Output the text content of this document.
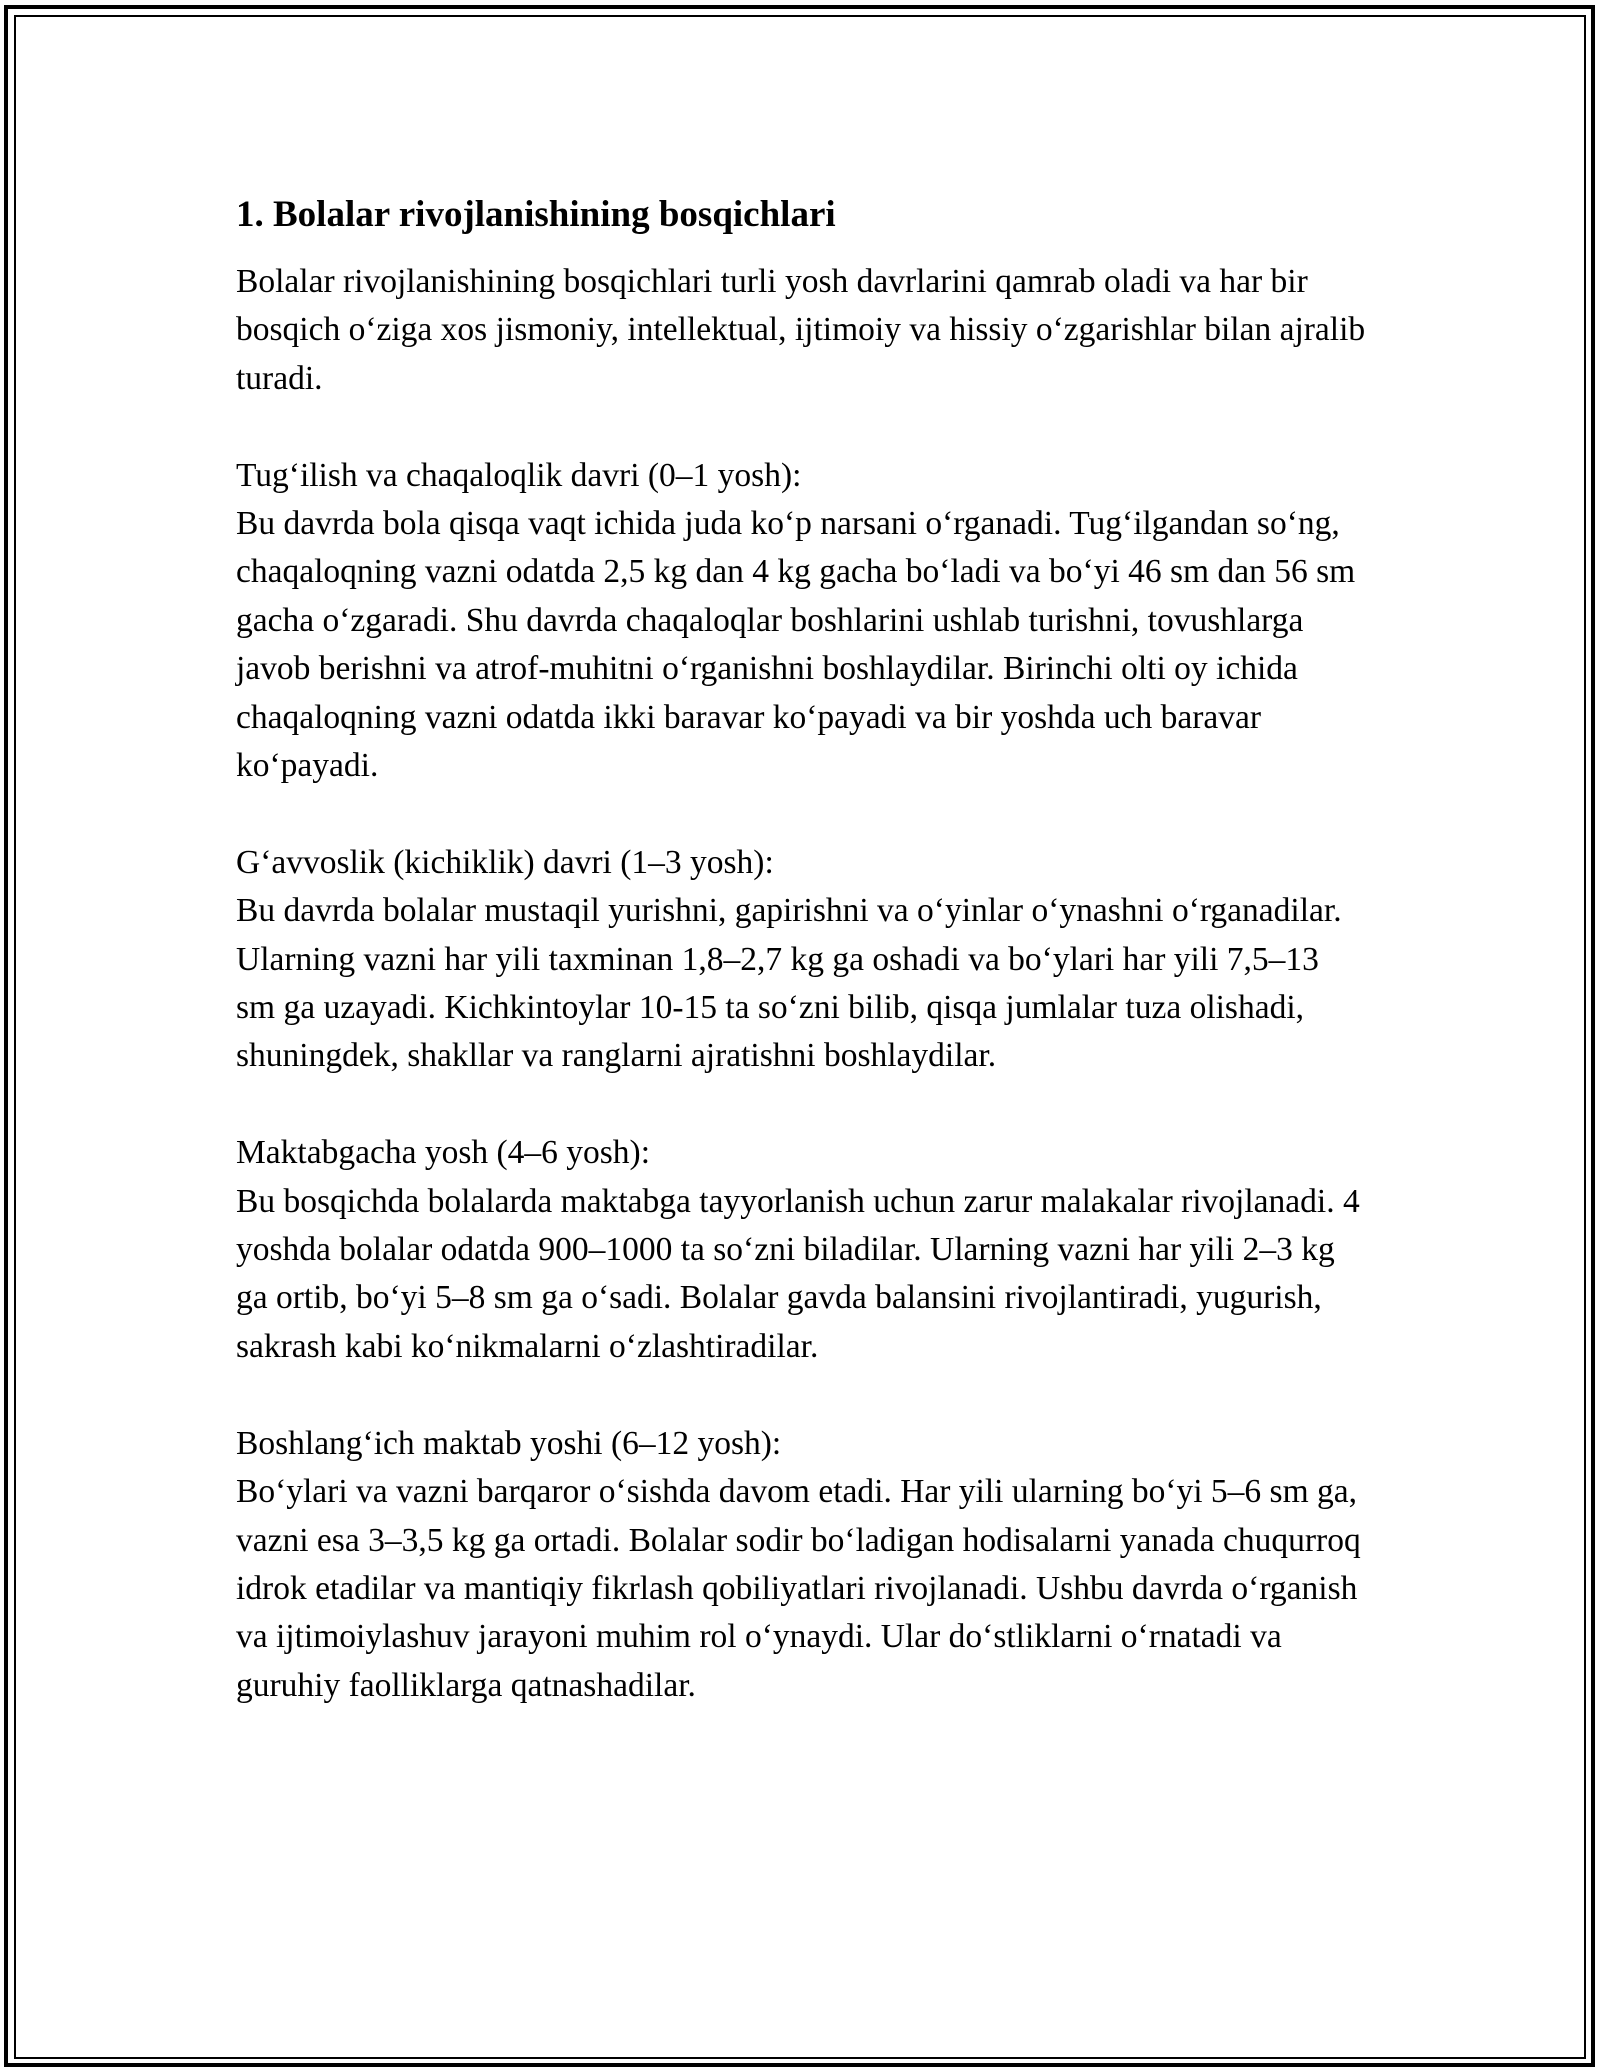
1. Bolalar rivojlanishining bosqichlari

Bolalar rivojlanishining bosqichlari turli yosh davrlarini qamrab oladi va har bir bosqich o‘ziga xos jismoniy, intellektual, ijtimoiy va hissiy o‘zgarishlar bilan ajralib turadi.

Tug‘ilish va chaqaloqlik davri (0–1 yosh):
Bu davrda bola qisqa vaqt ichida juda ko‘p narsani o‘rganadi. Tug‘ilgandan so‘ng, chaqaloqning vazni odatda 2,5 kg dan 4 kg gacha bo‘ladi va bo‘yi 46 sm dan 56 sm gacha o‘zgaradi. Shu davrda chaqaloqlar boshlarini ushlab turishni, tovushlarga javob berishni va atrof-muhitni o‘rganishni boshlaydilar. Birinchi olti oy ichida chaqaloqning vazni odatda ikki baravar ko‘payadi va bir yoshda uch baravar ko‘payadi.

G‘avvoslik (kichiklik) davri (1–3 yosh):
Bu davrda bolalar mustaqil yurishni, gapirishni va o‘yinlar o‘ynashni o‘rganadilar. Ularning vazni har yili taxminan 1,8–2,7 kg ga oshadi va bo‘ylari har yili 7,5–13 sm ga uzayadi. Kichkintoylar 10-15 ta so‘zni bilib, qisqa jumlalar tuza olishadi, shuningdek, shakllar va ranglarni ajratishni boshlaydilar.

Maktabgacha yosh (4–6 yosh):
Bu bosqichda bolalarda maktabga tayyorlanish uchun zarur malakalar rivojlanadi. 4 yoshda bolalar odatda 900–1000 ta so‘zni biladilar. Ularning vazni har yili 2–3 kg ga ortib, bo‘yi 5–8 sm ga o‘sadi. Bolalar gavda balansini rivojlantiradi, yugurish, sakrash kabi ko‘nikmalarni o‘zlashtiradilar.

Boshlang‘ich maktab yoshi (6–12 yosh):
Bo‘ylari va vazni barqaror o‘sishda davom etadi. Har yili ularning bo‘yi 5–6 sm ga, vazni esa 3–3,5 kg ga ortadi. Bolalar sodir bo‘ladigan hodisalarni yanada chuqurroq idrok etadilar va mantiqiy fikrlash qobiliyatlari rivojlanadi. Ushbu davrda o‘rganish va ijtimoiylashuv jarayoni muhim rol o‘ynaydi. Ular do‘stliklarni o‘rnatadi va guruhiy faolliklarga qatnashadilar.
